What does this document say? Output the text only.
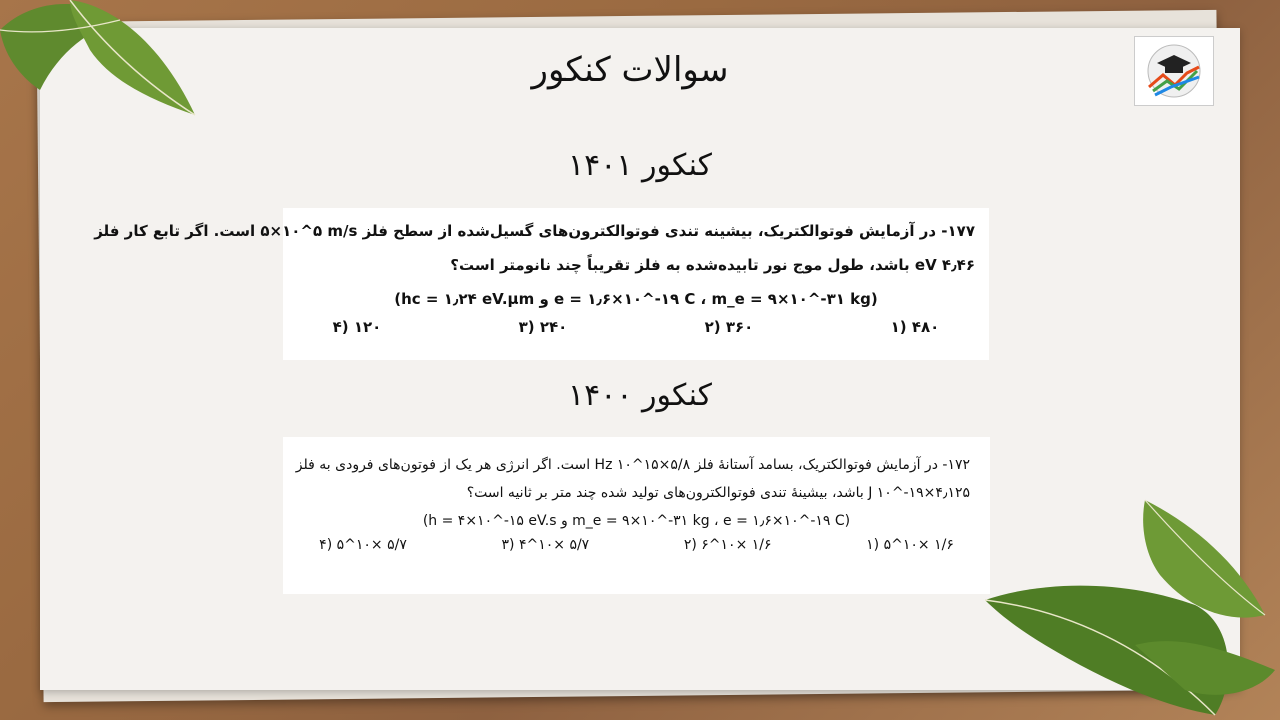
سوالات کنکور
کنکور ۱۴۰۱
۱۷۷- در آزمایش فوتوالکتریک، بیشینه تندی فوتوالکترون‌های گسیل‌شده از سطح فلز ۵×۱۰^۵ m/s است. اگر تابع کار فلز
۴٫۴۶ eV باشد، طول موج نور تابیده‌شده به فلز تقریباً چند نانومتر است؟
(hc = ۱٫۲۴ eV.μm و e = ۱٫۶×۱۰^-۱۹ C ، m_e = ۹×۱۰^-۳۱ kg)
۴۸۰ (۱
۳۶۰ (۲
۲۴۰ (۳
۱۲۰ (۴
کنکور ۱۴۰۰
۱۷۲- در آزمایش فوتوالکتریک، بسامد آستانهٔ فلز Hz ۱۰^۱۵×۵/۸ است. اگر انرژی هر یک از فوتون‌های فرودی به فلز
J ۱۰^-۱۹×۴٫۱۲۵ باشد، بیشینهٔ تندی فوتوالکترون‌های تولید شده چند متر بر ثانیه است؟
(h = ۴×۱۰^-۱۵ eV.s و m_e = ۹×۱۰^-۳۱ kg ، e = ۱٫۶×۱۰^-۱۹ C)
۱/۶ ×۱۰^۵ (۱
۱/۶ ×۱۰^۶ (۲
۵/۷ ×۱۰^۴ (۳
۵/۷ ×۱۰^۵ (۴
